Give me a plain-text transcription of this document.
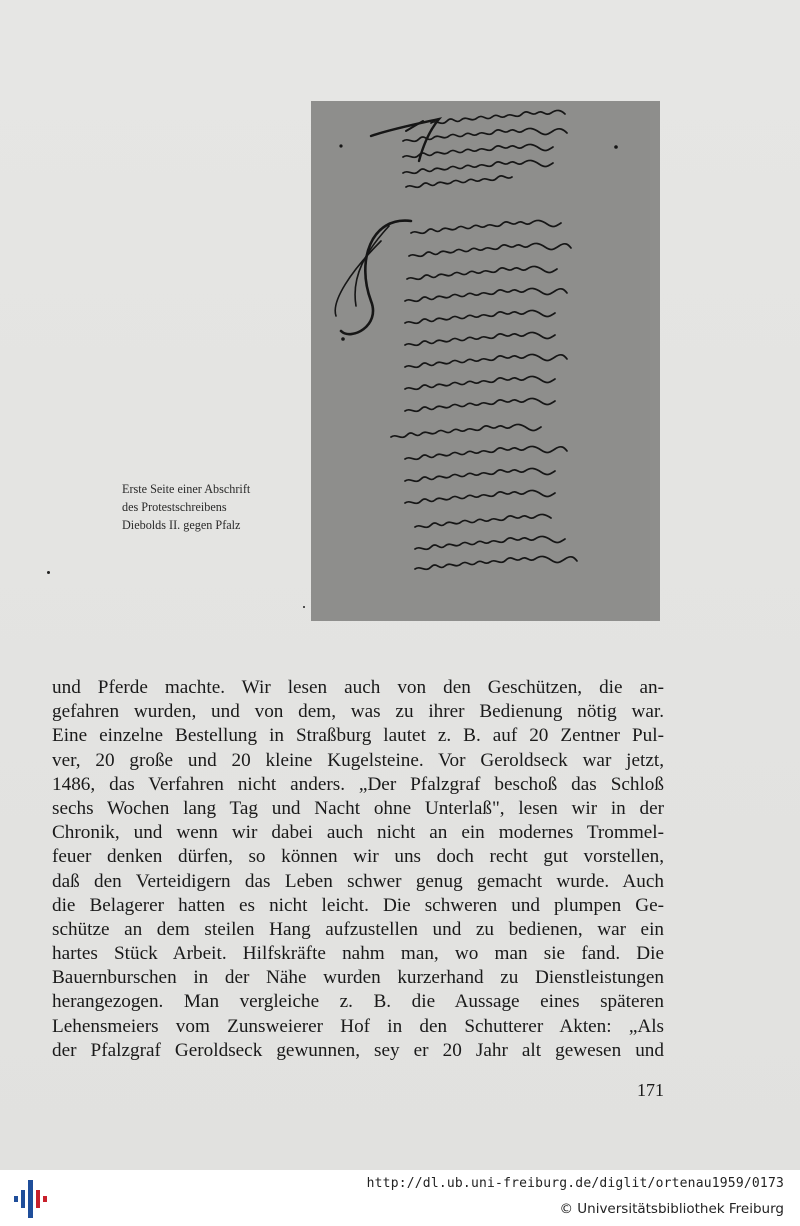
Erste Seite einer Abschrift
des Protestschreibens
Diebolds II. gegen Pfalz
und Pferde machte. Wir lesen auch von den Geschützen, die an-
gefahren wurden, und von dem, was zu ihrer Bedienung nötig war.
Eine einzelne Bestellung in Straßburg lautet z. B. auf 20 Zentner Pul-
ver, 20 große und 20 kleine Kugelsteine. Vor Geroldseck war jetzt,
1486, das Verfahren nicht anders. „Der Pfalzgraf beschoß das Schloß
sechs Wochen lang Tag und Nacht ohne Unterlaß", lesen wir in der
Chronik, und wenn wir dabei auch nicht an ein modernes Trommel-
feuer denken dürfen, so können wir uns doch recht gut vorstellen,
daß den Verteidigern das Leben schwer genug gemacht wurde. Auch
die Belagerer hatten es nicht leicht. Die schweren und plumpen Ge-
schütze an dem steilen Hang aufzustellen und zu bedienen, war ein
hartes Stück Arbeit. Hilfskräfte nahm man, wo man sie fand. Die
Bauernburschen in der Nähe wurden kurzerhand zu Dienstleistungen
herangezogen. Man vergleiche z. B. die Aussage eines späteren
Lehensmeiers vom Zunsweierer Hof in den Schutterer Akten: „Als
der Pfalzgraf Geroldseck gewunnen, sey er 20 Jahr alt gewesen und
171
http://dl.ub.uni-freiburg.de/diglit/ortenau1959/0173
© Universitätsbibliothek Freiburg
